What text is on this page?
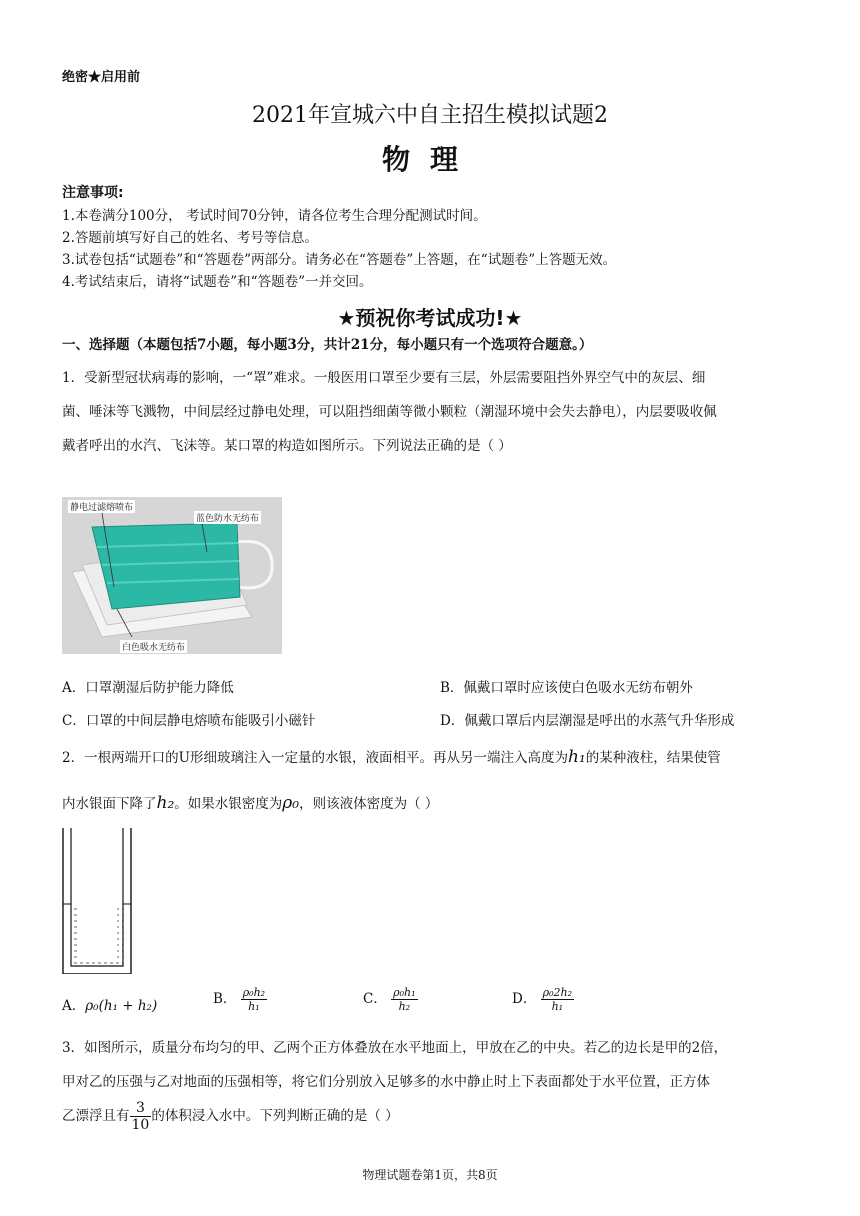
绝密★启用前
2021年宣城六中自主招生模拟试题2
物理
注意事项:
1.本卷满分100分， 考试时间70分钟，请各位考生合理分配测试时间。
2.答题前填写好自己的姓名、考号等信息。
3.试卷包括“试题卷”和“答题卷”两部分。请务必在“答题卷”上答题，在“试题卷”上答题无效。
4.考试结束后，请将“试题卷”和“答题卷”一并交回。
★预祝你考试成功!★
一、选择题（本题包括7小题，每小题3分，共计21分，每小题只有一个选项符合题意。）
1．受新型冠状病毒的影响，一“罩”难求。一般医用口罩至少要有三层，外层需要阻挡外界空气中的灰层、细
菌、唾沫等飞溅物，中间层经过静电处理，可以阻挡细菌等微小颗粒（潮湿环境中会失去静电），内层要吸收佩
戴者呼出的水汽、飞沫等。某口罩的构造如图所示。下列说法正确的是（ ）
静电过滤熔喷布
蓝色防水无纺布
白色吸水无纺布
A．口罩潮湿后防护能力降低	B．佩戴口罩时应该使白色吸水无纺布朝外
C．口罩的中间层静电熔喷布能吸引小磁针	D．佩戴口罩后内层潮湿是呼出的水蒸气升华形成
2．一根两端开口的U形细玻璃注入一定量的水银，液面相平。再从另一端注入高度为h₁的某种液柱，结果使管
内水银面下降了h₂。如果水银密度为ρ₀，则该液体密度为（ ）
A．ρ₀(h₁ + h₂)	B． $\frac{\text{ρ₀h₂}}{\text{h₁}}$	C． $\frac{\text{ρ₀h₁}}{\text{h₂}}$	D． $\frac{\text{ρ₀2h₂}}{\text{h₁}}$
3．如图所示，质量分布均匀的甲、乙两个正方体叠放在水平地面上，甲放在乙的中央。若乙的边长是甲的2倍，
甲对乙的压强与乙对地面的压强相等，将它们分别放入足够多的水中静止时上下表面都处于水平位置，正方体
乙漂浮且有 $\frac{3}{10}$ 的体积浸入水中。下列判断正确的是（ ）
物理试题卷第1页，共8页
